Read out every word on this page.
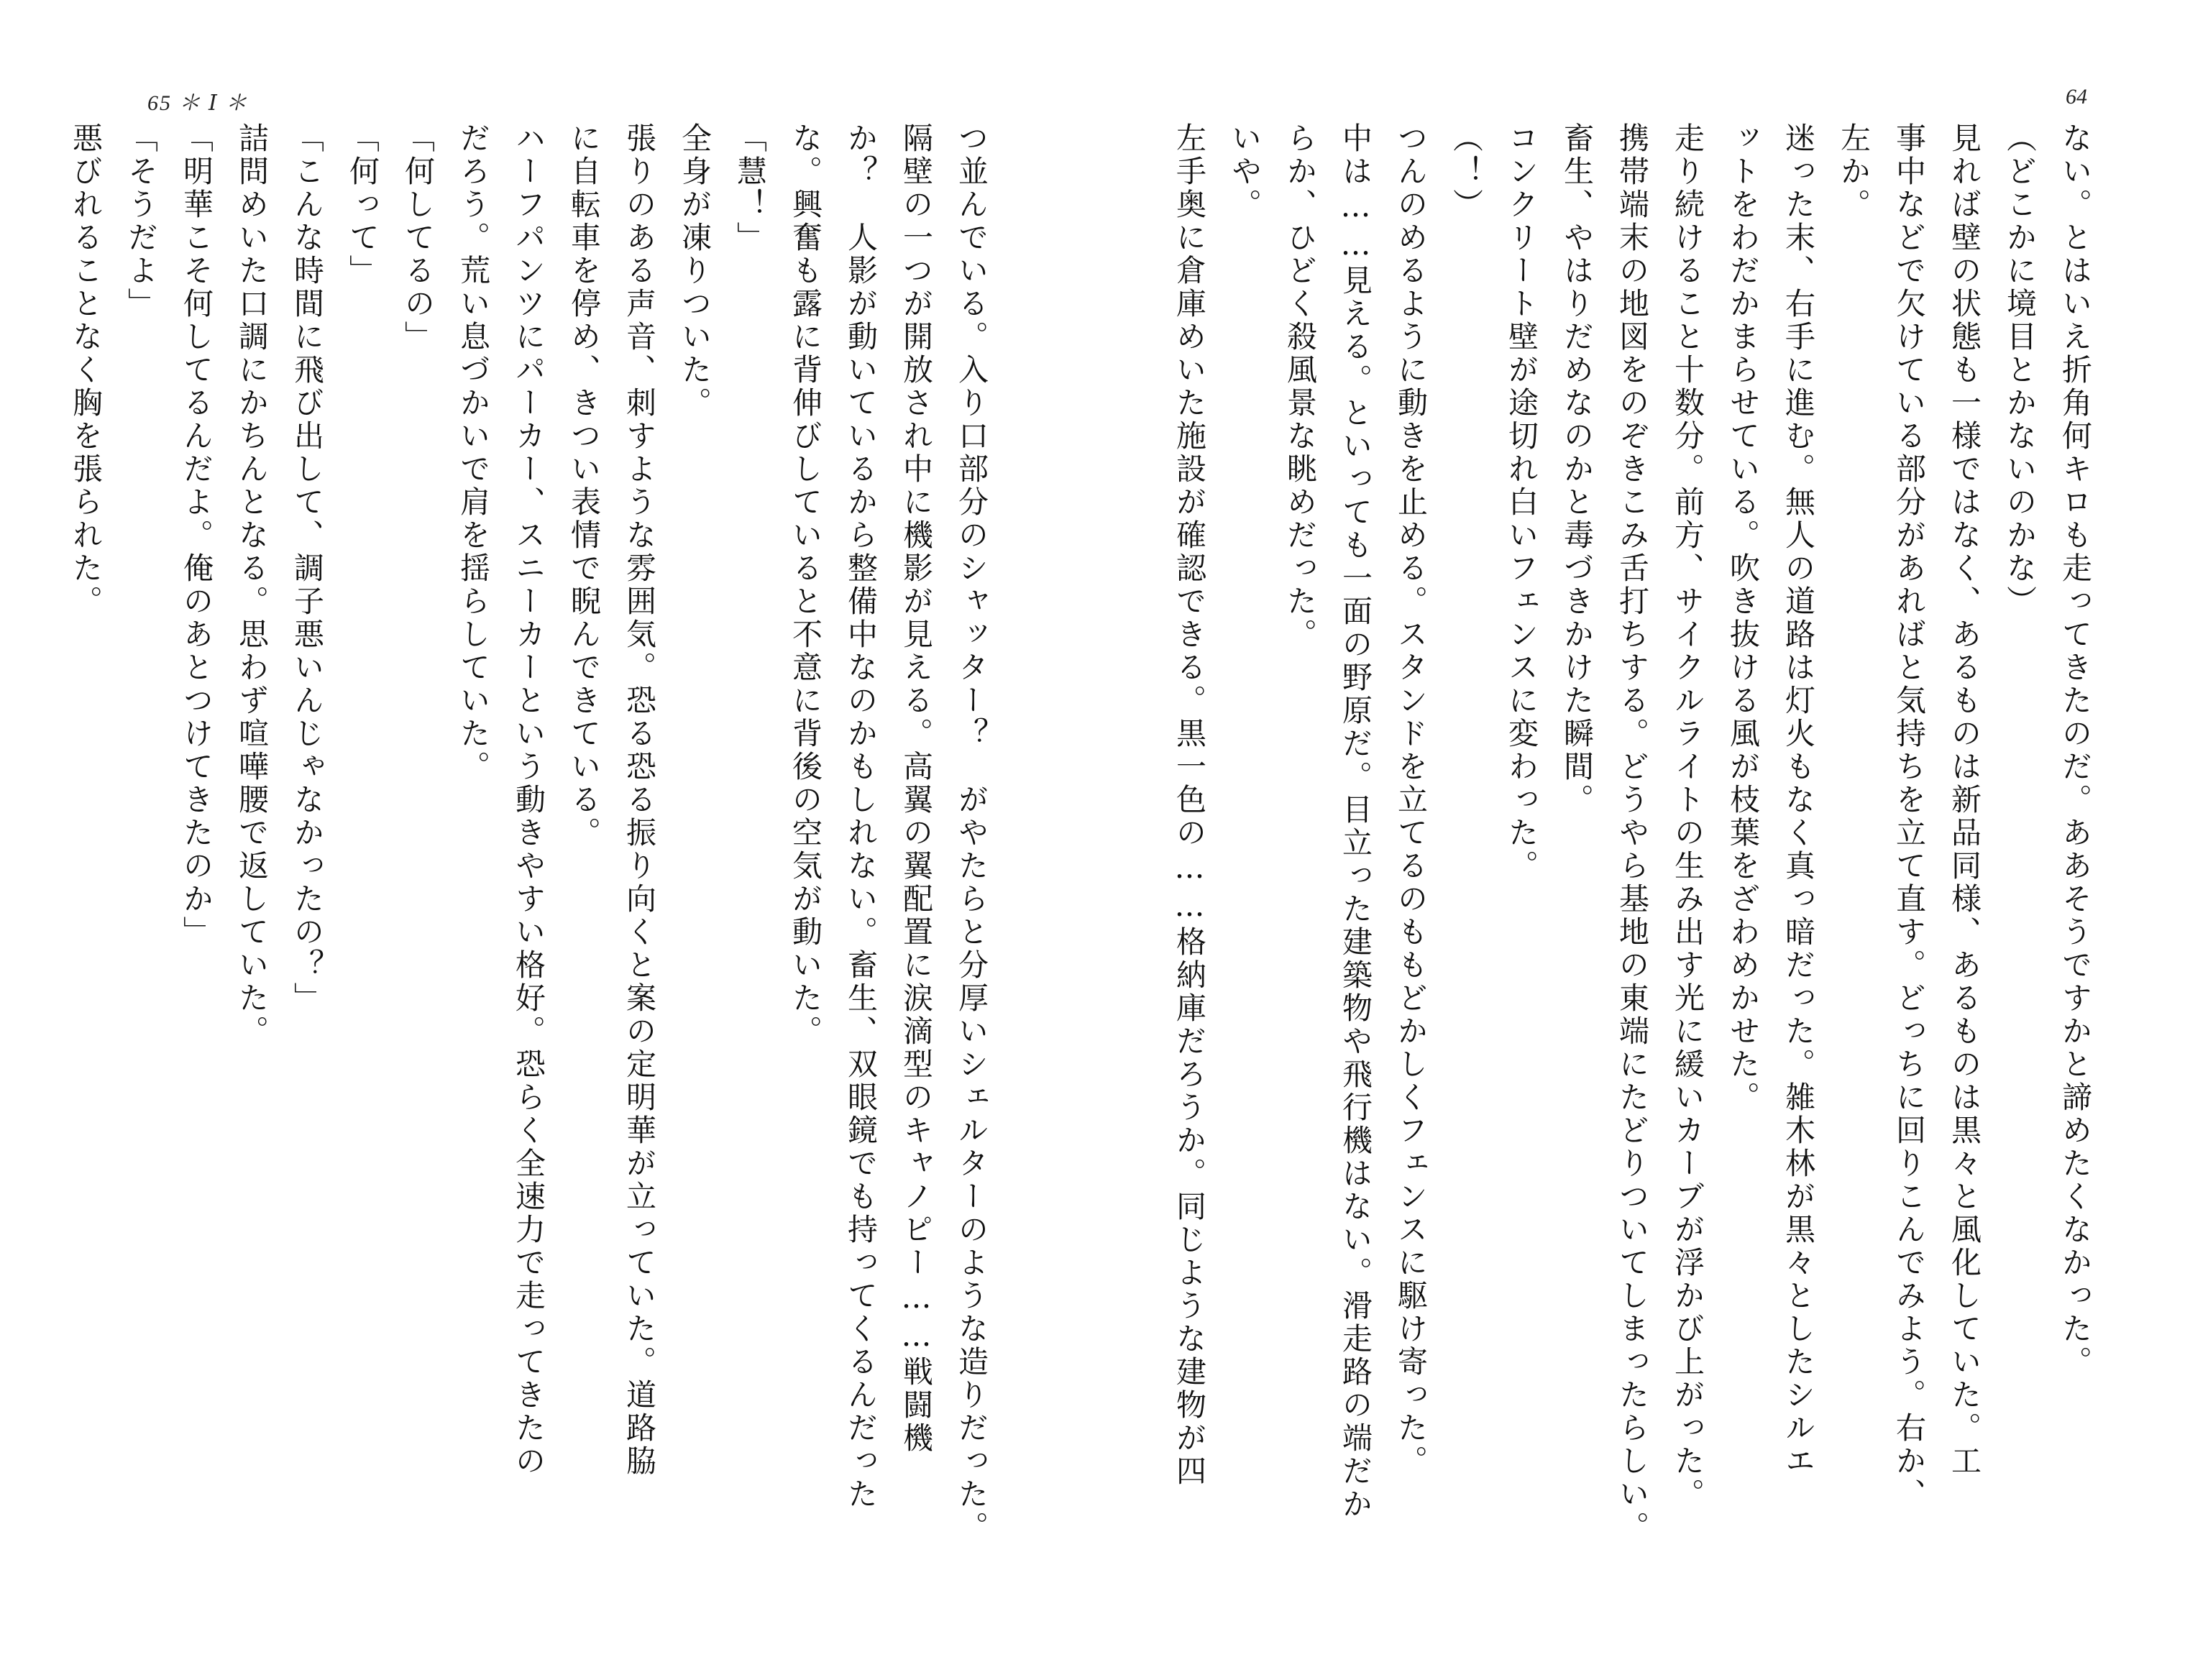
65 ＊ Ⅰ ＊	64
ない。とはいえ折角何キロも走ってきたのだ。ああそうですかと諦めたくなかった。
（どこかに境目とかないのかな）
見れば壁の状態も一様ではなく、あるものは新品同様、あるものは黒々と風化していた。工
事中などで欠けている部分があればと気持ちを立て直す。どっちに回りこんでみよう。右か、
左か。
迷った末、右手に進む。無人の道路は灯火もなく真っ暗だった。雑木林が黒々としたシルエ
ットをわだかまらせている。吹き抜ける風が枝葉をざわめかせた。
走り続けること十数分。前方、サイクルライトの生み出す光に緩いカーブが浮かび上がった。
携帯端末の地図をのぞきこみ舌打ちする。どうやら基地の東端にたどりついてしまったらしい。
畜生、やはりだめなのかと毒づきかけた瞬間。
コンクリート壁が途切れ白いフェンスに変わった。
（！）
つんのめるように動きを止める。スタンドを立てるのももどかしくフェンスに駆け寄った。
中は……見える。といっても一面の野原だ。目立った建築物や飛行機はない。滑走路の端だか
らか、ひどく殺風景な眺めだった。
いや。
左手奥に倉庫めいた施設が確認できる。黒一色の……格納庫だろうか。同じような建物が四
つ並んでいる。入り口部分のシャッター？　がやたらと分厚いシェルターのような造りだった。
隔壁の一つが開放され中に機影が見える。高翼の翼配置に涙滴型のキャノピー……戦闘機
か？　人影が動いているから整備中なのかもしれない。畜生、双眼鏡でも持ってくるんだった
な。興奮も露に背伸びしていると不意に背後の空気が動いた。
「慧！」
全身が凍りついた。
張りのある声音、刺すような雰囲気。恐る恐る振り向くと案の定明華が立っていた。道路脇
に自転車を停め、きつい表情で睨んできている。
ハーフパンツにパーカー、スニーカーという動きやすい格好。恐らく全速力で走ってきたの
だろう。荒い息づかいで肩を揺らしていた。
「何してるの」
「何って」
「こんな時間に飛び出して、調子悪いんじゃなかったの？」
詰問めいた口調にかちんとなる。思わず喧嘩腰で返していた。
「明華こそ何してるんだよ。俺のあとつけてきたのか」
「そうだよ」
悪びれることなく胸を張られた。
